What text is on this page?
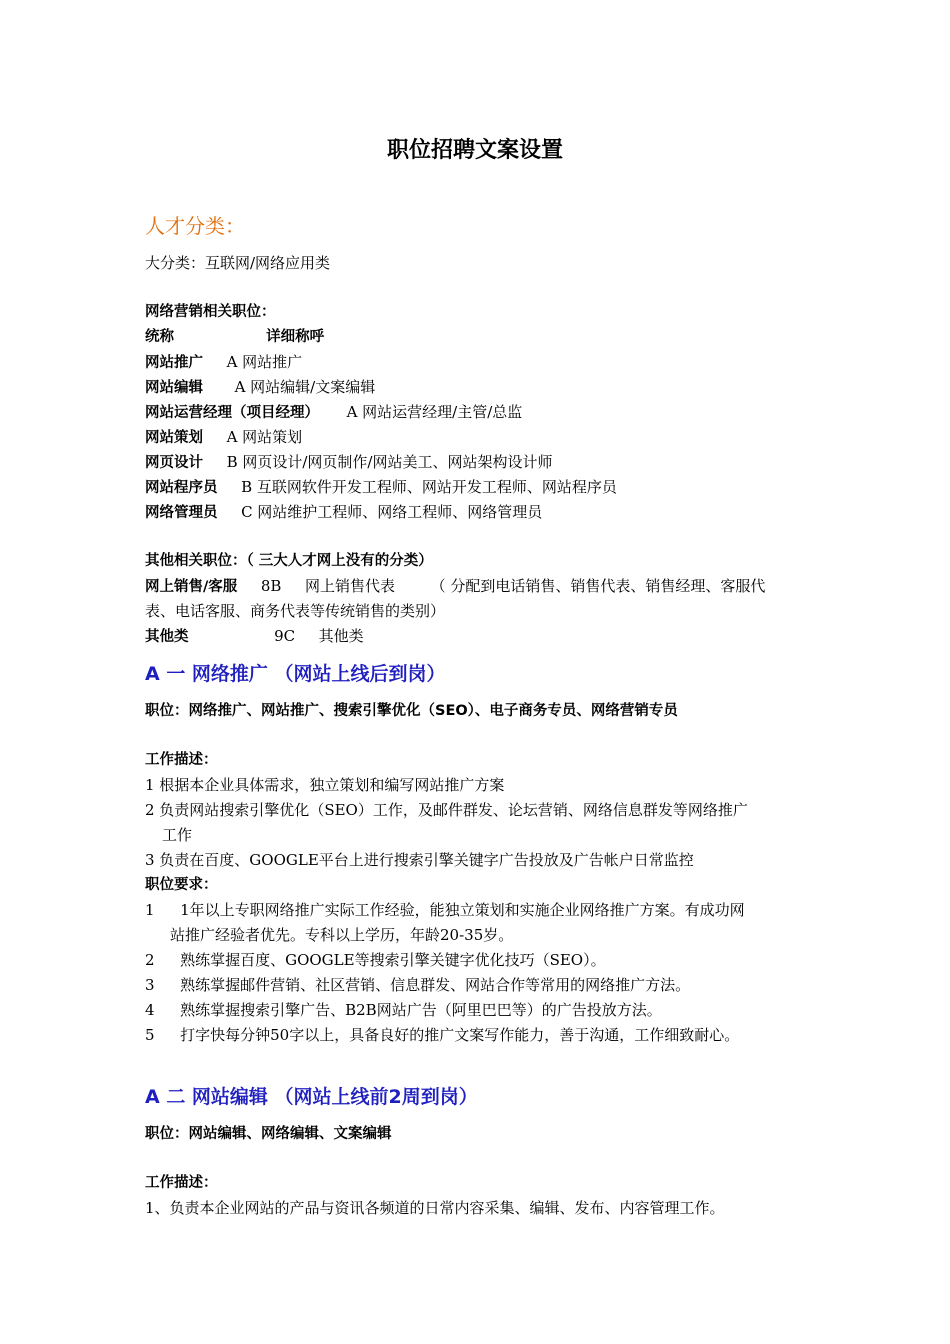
职位招聘文案设置
人才分类：
大分类：互联网/网络应用类
网络营销相关职位：
统称	详细称呼
网站推广 A 网站推广
网站编辑 A 网站编辑/文案编辑
网站运营经理（项目经理） A 网站运营经理/主管/总监
网站策划 A 网站策划
网页设计 B 网页设计/网页制作/网站美工、网站架构设计师
网站程序员 B 互联网软件开发工程师、网站开发工程师、网站程序员
网络管理员 C 网站维护工程师、网络工程师、网络管理员
其他相关职位：（ 三大人才网上没有的分类）
网上销售/客服 8B 网上销售代表 （ 分配到电话销售、销售代表、销售经理、客服代
表、电话客服、商务代表等传统销售的类别）
其他类	9C 其他类
A 一 网络推广 （网站上线后到岗）
职位：网络推广、网站推广、搜索引擎优化（SEO）、电子商务专员、网络营销专员
工作描述：
1 根据本企业具体需求，独立策划和编写网站推广方案
2 负责网站搜索引擎优化（SEO）工作，及邮件群发、论坛营销、网络信息群发等网络推广
工作
3 负责在百度、GOOGLE平台上进行搜索引擎关键字广告投放及广告帐户日常监控
职位要求：
1 1年以上专职网络推广实际工作经验，能独立策划和实施企业网络推广方案。有成功网
站推广经验者优先。专科以上学历，年龄20-35岁。
2 熟练掌握百度、GOOGLE等搜索引擎关键字优化技巧（SEO）。
3 熟练掌握邮件营销、社区营销、信息群发、网站合作等常用的网络推广方法。
4 熟练掌握搜索引擎广告、B2B网站广告（阿里巴巴等）的广告投放方法。
5 打字快每分钟50字以上，具备良好的推广文案写作能力，善于沟通，工作细致耐心。
A 二 网站编辑 （网站上线前2周到岗）
职位：网站编辑、网络编辑、文案编辑
工作描述：
1、负责本企业网站的产品与资讯各频道的日常内容采集、编辑、发布、内容管理工作。
